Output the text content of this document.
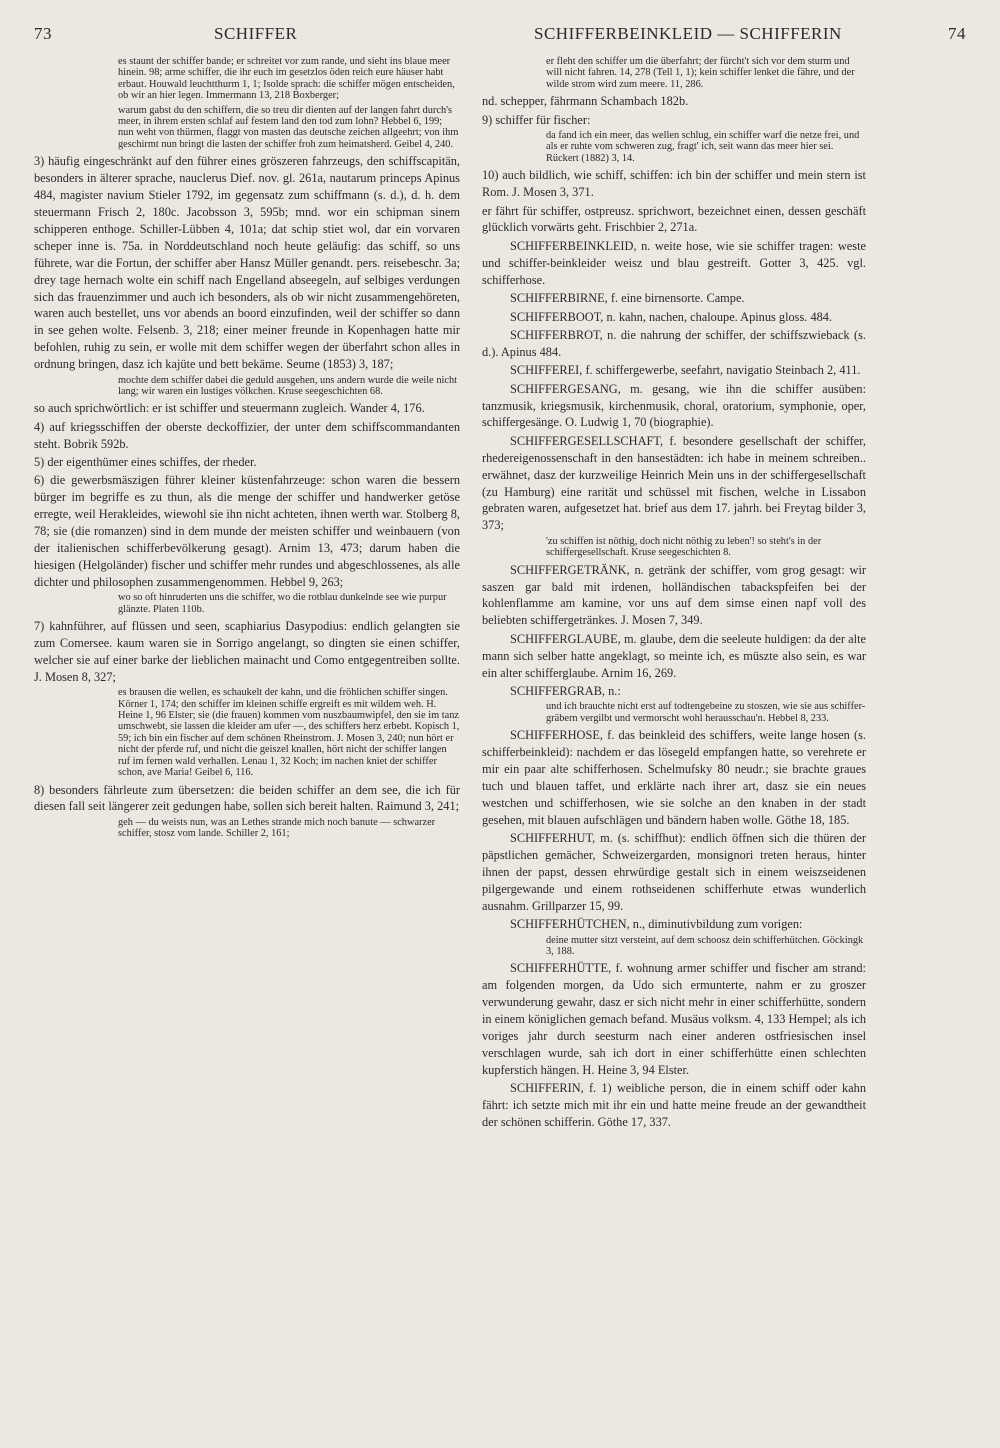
73	SCHIFFER	SCHIFFERBEINKLEID — SCHIFFERIN	74
es staunt der schiffer bande; er schreitet vor zum rande, und sieht ins blaue meer hinein. 98; arme schiffer, die ihr euch im gesetzlos öden reich eure häuser habt erbaut. Houwald leuchtthurm 1, 1; Isolde sprach: die schiffer mögen entscheiden, ob wir an hier legen. Immermann 13, 218 Boxberger;
warum gabst du den schiffern, die so treu dir dienten auf der langen fahrt durch's meer, in ihrem ersten schlaf auf festem land den tod zum lohn? Hebbel 6, 199; nun weht von thürmen, flaggt von masten das deutsche zeichen allgeehrt; von ihm geschirmt nun bringt die lasten der schiffer froh zum heimatsherd. Geibel 4, 240.
3) häufig eingeschränkt auf den führer eines gröszeren fahrzeugs, den schiffscapitän, besonders in älterer sprache, nauclerus Dief. nov. gl. 261a, nautarum princeps Apinus 484, magister navium Stieler 1792, im gegensatz zum schiffmann (s. d.), d. h. dem steuermann Frisch 2, 180c. Jacobsson 3, 595b; mnd. wor ein schipman sinem schipperen enthoge. Schiller-Lübben 4, 101a; dat schip stiet wol, dar ein vorvaren scheper inne is. 75a. in Norddeutschland noch heute geläufig: das schiff, so uns führete, war die Fortun, der schiffer aber Hansz Müller genandt. pers. reisebeschr. 3a; drey tage hernach wolte ein schiff nach Engelland abseegeln, auf selbiges verdungen sich das frauenzimmer und auch ich besonders, als ob wir nicht zusammengehöreten, waren auch bestellet, uns vor abends an boord einzufinden, weil der schiffer so dann in see gehen wolte. Felsenb. 3, 218; einer meiner freunde in Kopenhagen hatte mir befohlen, ruhig zu sein, er wolle mit dem schiffer wegen der überfahrt schon alles in ordnung bringen, dasz ich kajüte und bett bekäme. Seume (1853) 3, 187;
mochte dem schiffer dabei die geduld ausgehen, uns andern wurde die weile nicht lang; wir waren ein lustiges völkchen. Kruse seegeschichten 68.
so auch sprichwörtlich: er ist schiffer und steuermann zugleich. Wander 4, 176.
4) auf kriegsschiffen der oberste deckoffizier, der unter dem schiffscommandanten steht. Bobrik 592b.
5) der eigenthümer eines schiffes, der rheder.
6) die gewerbsmäszigen führer kleiner küstenfahrzeuge: schon waren die bessern bürger im begriffe es zu thun, als die menge der schiffer und handwerker getöse erregte, weil Herakleides, wiewohl sie ihn nicht achteten, ihnen werth war. Stolberg 8, 78; sie (die romanzen) sind in dem munde der meisten schiffer und weinbauern (von der italienischen schifferbevölkerung gesagt). Arnim 13, 473; darum haben die hiesigen (Helgoländer) fischer und schiffer mehr rundes und abgeschlossenes, als alle dichter und philosophen zusammengenommen. Hebbel 9, 263;
wo so oft hinruderten uns die schiffer, wo die rotblau dunkelnde see wie purpur glänzte. Platen 110b.
7) kahnführer, auf flüssen und seen, scaphiarius Dasypodius: endlich gelangten sie zum Comersee. kaum waren sie in Sorrigo angelangt, so dingten sie einen schiffer, welcher sie auf einer barke der lieblichen mainacht und Como entgegentreiben sollte. J. Mosen 8, 327;
es brausen die wellen, es schaukelt der kahn, und die fröhlichen schiffer singen. Körner 1, 174; den schiffer im kleinen schiffe ergreift es mit wildem weh. H. Heine 1, 96 Elster; sie (die frauen) kommen vom nuszbaumwipfel, den sie im tanz umschwebt, sie lassen die kleider am ufer —, des schiffers herz erbebt. Kopisch 1, 59; ich bin ein fischer auf dem schönen Rheinstrom. J. Mosen 3, 240; nun hört er nicht der pferde ruf, und nicht die geiszel knallen, hört nicht der schiffer langen ruf im fernen wald verhallen. Lenau 1, 32 Koch; im nachen kniet der schiffer schon, ave Maria! Geibel 6, 116.
8) besonders fährleute zum übersetzen: die beiden schiffer an dem see, die ich für diesen fall seit längerer zeit gedungen habe, sollen sich bereit halten. Raimund 3, 241;
geh — du weists nun, was an Lethes strande mich noch banute — schwarzer schiffer, stosz vom lande. Schiller 2, 161;
er fleht den schiffer um die überfahrt; der fürcht't sich vor dem sturm und will nicht fahren. 14, 278 (Tell 1, 1); kein schiffer lenket die fähre, und der wilde strom wird zum meere. 11, 286.
nd. schepper, fährmann Schambach 182b.
9) schiffer für fischer:
da fand ich ein meer, das wellen schlug, ein schiffer warf die netze frei, und als er ruhte vom schweren zug, fragt' ich, seit wann das meer hier sei. Rückert (1882) 3, 14.
10) auch bildlich, wie schiff, schiffen: ich bin der schiffer und mein stern ist Rom. J. Mosen 3, 371.
er fährt für schiffer, ostpreusz. sprichwort, bezeichnet einen, dessen geschäft glücklich vorwärts geht. Frischbier 2, 271a.
SCHIFFERBEINKLEID, n. weite hose, wie sie schiffer tragen: weste und schiffer-beinkleider weisz und blau gestreift. Gotter 3, 425. vgl. schifferhose.
SCHIFFERBIRNE, f. eine birnensorte. Campe.
SCHIFFERBOOT, n. kahn, nachen, chaloupe. Apinus gloss. 484.
SCHIFFERBROT, n. die nahrung der schiffer, der schiffszwieback (s. d.). Apinus 484.
SCHIFFEREI, f. schiffergewerbe, seefahrt, navigatio Steinbach 2, 411.
SCHIFFERGESANG, m. gesang, wie ihn die schiffer ausüben: tanzmusik, kriegsmusik, kirchenmusik, choral, oratorium, symphonie, oper, schiffergesänge. O. Ludwig 1, 70 (biographie).
SCHIFFERGESELLSCHAFT, f. besondere gesellschaft der schiffer, rhedereigenossenschaft in den hansestädten: ich habe in meinem schreiben.. erwähnet, dasz der kurzweilige Heinrich Mein uns in der schiffergesellschaft (zu Hamburg) eine rarität und schüssel mit fischen, welche in Lissabon gebraten waren, aufgesetzet hat. brief aus dem 17. jahrh. bei Freytag bilder 3, 373;
'zu schiffen ist nöthig, doch nicht nöthig zu leben'! so steht's in der schiffergesellschaft. Kruse seegeschichten 8.
SCHIFFERGETRÄNK, n. getränk der schiffer, vom grog gesagt: wir saszen gar bald mit irdenen, holländischen tabackspfeifen bei der kohlenflamme am kamine, vor uns auf dem simse einen napf voll des beliebten schiffergetränkes. J. Mosen 7, 349.
SCHIFFERGLAUBE, m. glaube, dem die seeleute huldigen: da der alte mann sich selber hatte angeklagt, so meinte ich, es müszte also sein, es war ein alter schifferglaube. Arnim 16, 269.
SCHIFFERGRAB, n.:
und ich brauchte nicht erst auf todtengebeine zu stoszen, wie sie aus schiffer-gräbern vergilbt und vermorscht wohl herausschau'n. Hebbel 8, 233.
SCHIFFERHOSE, f. das beinkleid des schiffers, weite lange hosen (s. schifferbeinkleid): nachdem er das lösegeld empfangen hatte, so verehrete er mir ein paar alte schifferhosen. Schelmufsky 80 neudr.; sie brachte graues tuch und blauen taffet, und erklärte nach ihrer art, dasz sie ein neues westchen und schifferhosen, wie sie solche an den knaben in der stadt gesehen, mit blauen aufschlägen und bändern haben wolle. Göthe 18, 185.
SCHIFFERHUT, m. (s. schiffhut): endlich öffnen sich die thüren der päpstlichen gemächer, Schweizergarden, monsignori treten heraus, hinter ihnen der papst, dessen ehrwürdige gestalt sich in einem weiszseidenen pilgergewande und einem rothseidenen schifferhute etwas wunderlich ausnahm. Grillparzer 15, 99.
SCHIFFERHÜTCHEN, n., diminutivbildung zum vorigen:
deine mutter sitzt versteint, auf dem schoosz dein schifferhütchen. Göckingk 3, 188.
SCHIFFERHÜTTE, f. wohnung armer schiffer und fischer am strand: am folgenden morgen, da Udo sich ermunterte, nahm er zu groszer verwunderung gewahr, dasz er sich nicht mehr in einer schifferhütte, sondern in einem königlichen gemach befand. Musäus volksm. 4, 133 Hempel; als ich voriges jahr durch seesturm nach einer anderen ostfriesischen insel verschlagen wurde, sah ich dort in einer schifferhütte einen schlechten kupferstich hängen. H. Heine 3, 94 Elster.
SCHIFFERIN, f. 1) weibliche person, die in einem schiff oder kahn fährt: ich setzte mich mit ihr ein und hatte meine freude an der gewandtheit der schönen schifferin. Göthe 17, 337.
